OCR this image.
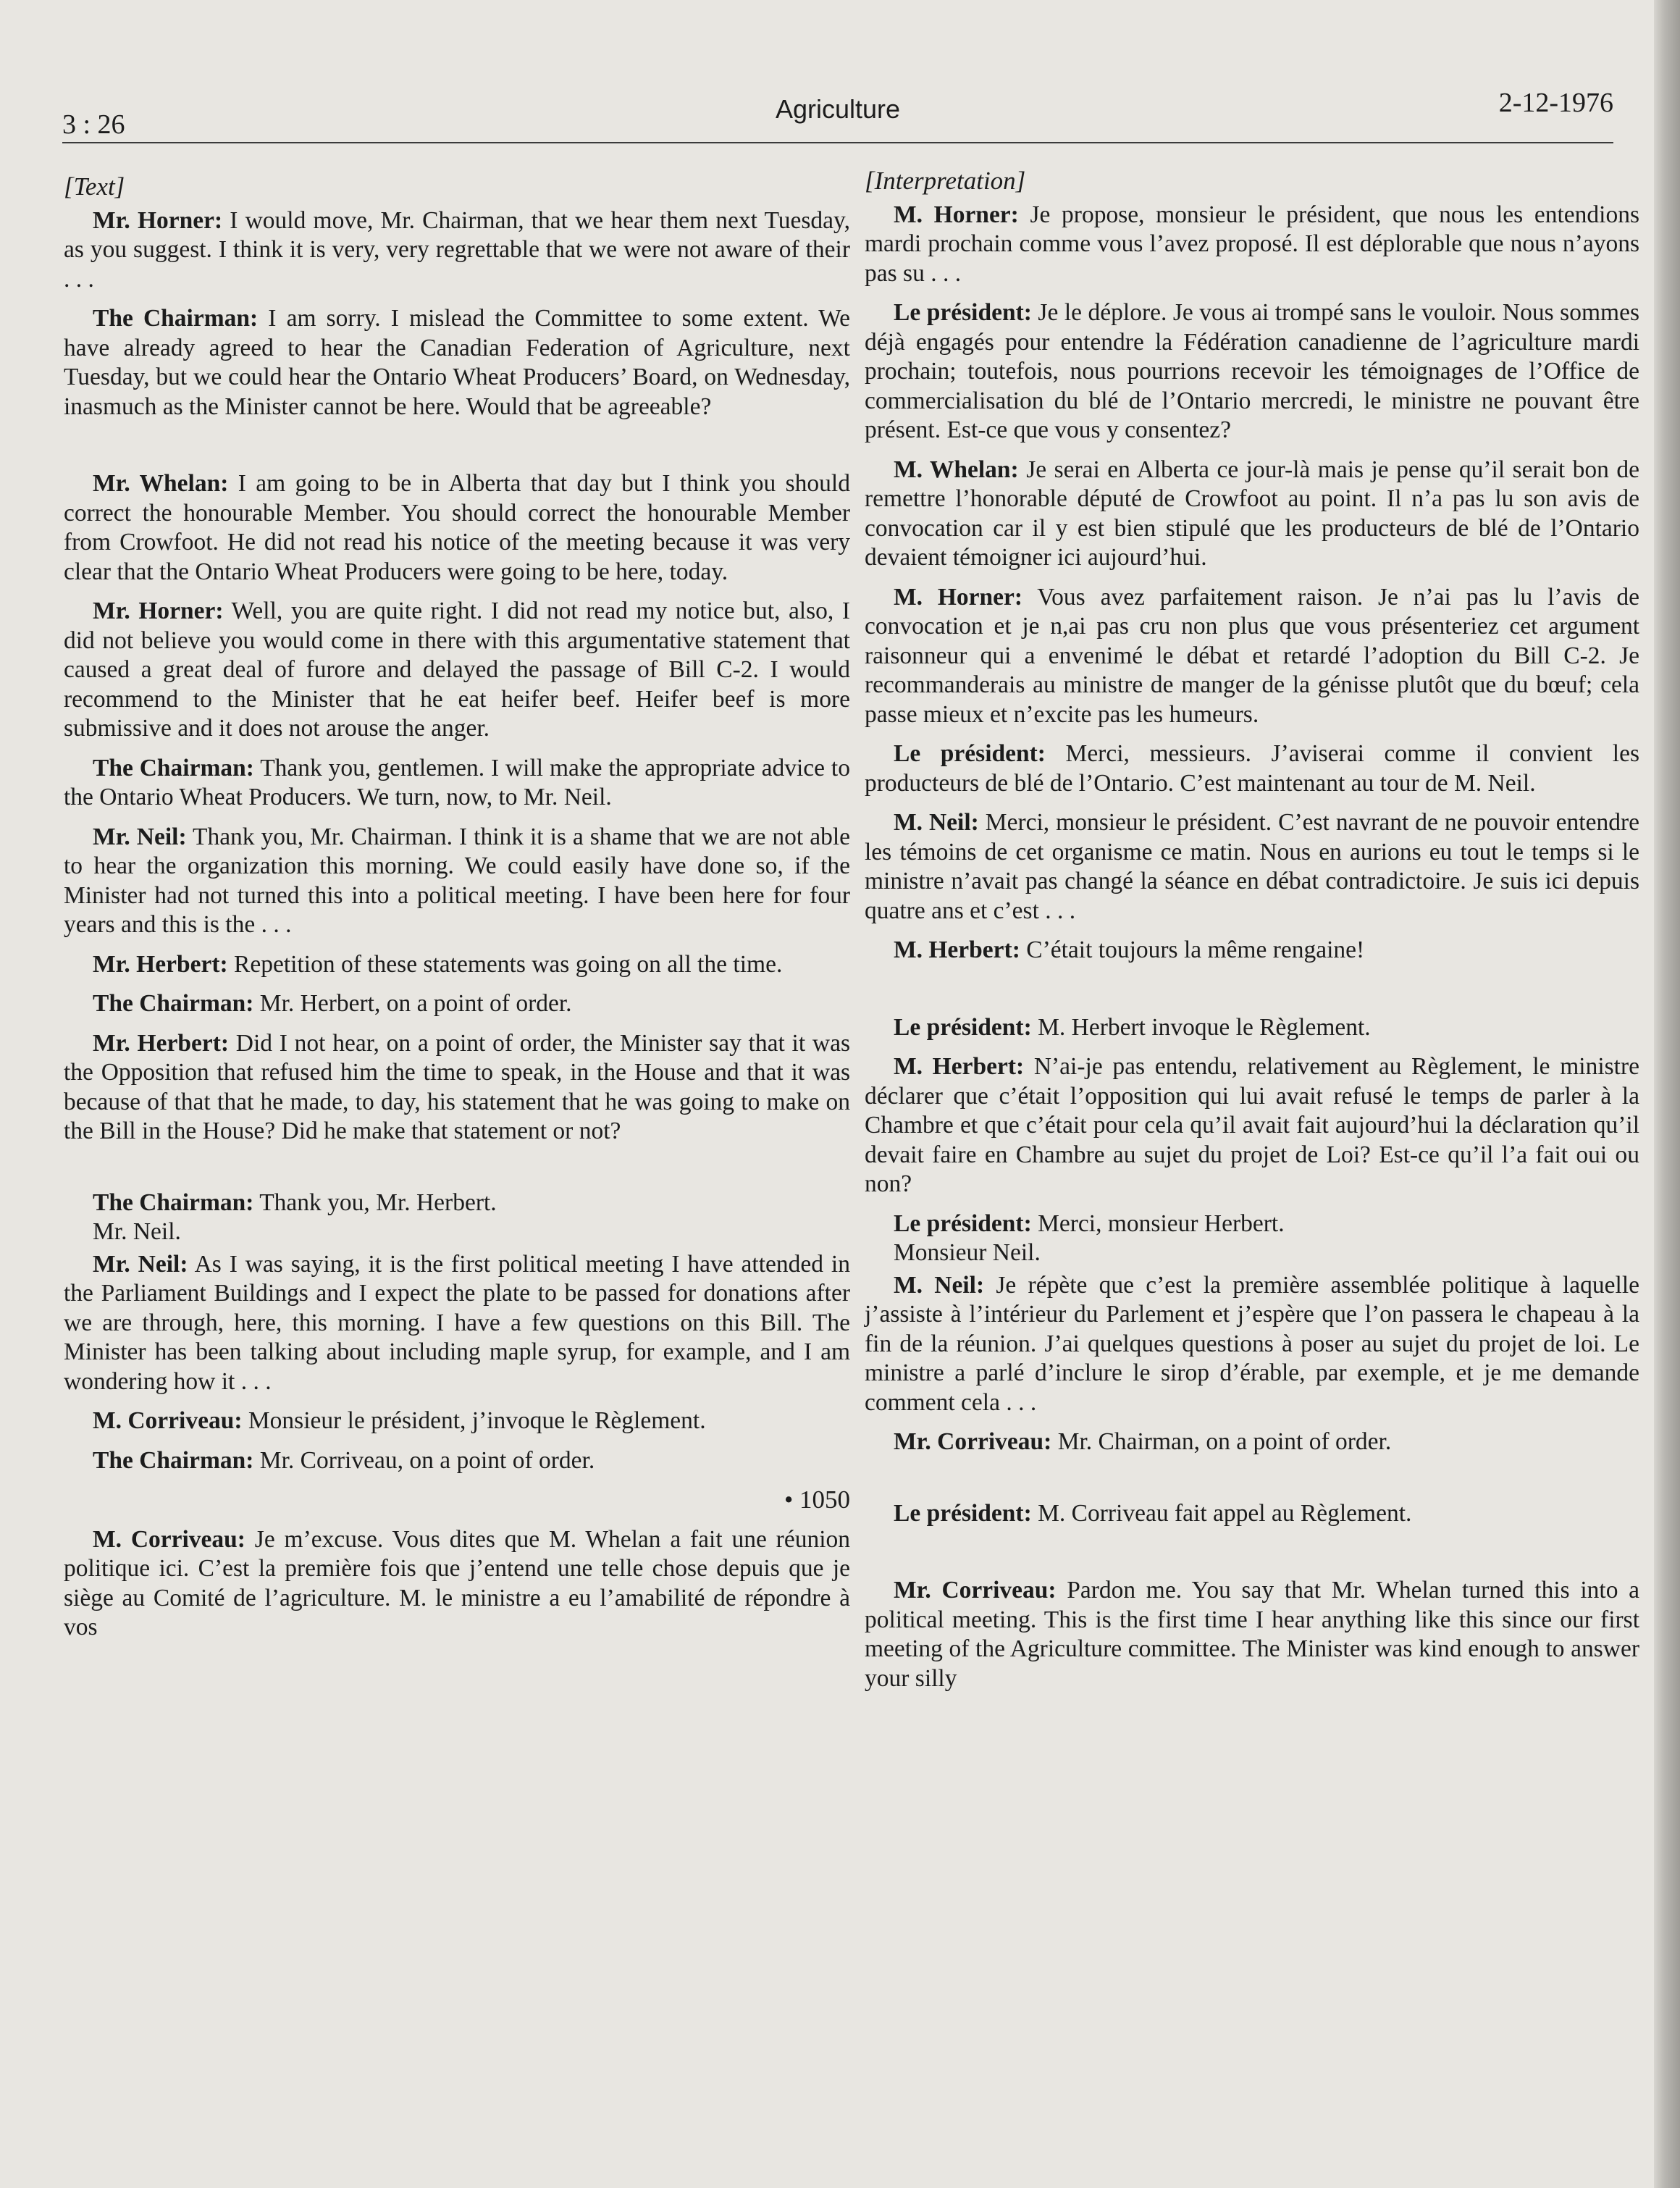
3 : 26
Agriculture	2-12-1976
[Text]

Mr. Horner: I would move, Mr. Chairman, that we hear them next Tuesday, as you suggest. I think it is very, very regrettable that we were not aware of their . . .

The Chairman: I am sorry. I mislead the Committee to some extent. We have already agreed to hear the Canadian Federation of Agriculture, next Tuesday, but we could hear the Ontario Wheat Producers’ Board, on Wednesday, inasmuch as the Minister cannot be here. Would that be agreeable?

Mr. Whelan: I am going to be in Alberta that day but I think you should correct the honourable Member. You should correct the honourable Member from Crowfoot. He did not read his notice of the meeting because it was very clear that the Ontario Wheat Producers were going to be here, today.

Mr. Horner: Well, you are quite right. I did not read my notice but, also, I did not believe you would come in there with this argumentative statement that caused a great deal of furore and delayed the passage of Bill C-2. I would recommend to the Minister that he eat heifer beef. Heifer beef is more submissive and it does not arouse the anger.

The Chairman: Thank you, gentlemen. I will make the appropriate advice to the Ontario Wheat Producers. We turn, now, to Mr. Neil.

Mr. Neil: Thank you, Mr. Chairman. I think it is a shame that we are not able to hear the organization this morning. We could easily have done so, if the Minister had not turned this into a political meeting. I have been here for four years and this is the . . .

Mr. Herbert: Repetition of these statements was going on all the time.

The Chairman: Mr. Herbert, on a point of order.

Mr. Herbert: Did I not hear, on a point of order, the Minister say that it was the Opposition that refused him the time to speak, in the House and that it was because of that that he made, to day, his statement that he was going to make on the Bill in the House? Did he make that statement or not?

The Chairman: Thank you, Mr. Herbert.

Mr. Neil.

Mr. Neil: As I was saying, it is the first political meeting I have attended in the Parliament Buildings and I expect the plate to be passed for donations after we are through, here, this morning. I have a few questions on this Bill. The Minister has been talking about including maple syrup, for example, and I am wondering how it . . .

M. Corriveau: Monsieur le président, j’invoque le Règlement.

The Chairman: Mr. Corriveau, on a point of order.

• 1050

M. Corriveau: Je m’excuse. Vous dites que M. Whelan a fait une réunion politique ici. C’est la première fois que j’entend une telle chose depuis que je siège au Comité de l’agriculture. M. le ministre a eu l’amabilité de répondre à vos

[Interpretation]

M. Horner: Je propose, monsieur le président, que nous les entendions mardi prochain comme vous l’avez proposé. Il est déplorable que nous n’ayons pas su . . .

Le président: Je le déplore. Je vous ai trompé sans le vouloir. Nous sommes déjà engagés pour entendre la Fédération canadienne de l’agriculture mardi prochain; toutefois, nous pourrions recevoir les témoignages de l’Office de commercialisation du blé de l’Ontario mercredi, le ministre ne pouvant être présent. Est-ce que vous y consentez?

M. Whelan: Je serai en Alberta ce jour-là mais je pense qu’il serait bon de remettre l’honorable député de Crowfoot au point. Il n’a pas lu son avis de convocation car il y est bien stipulé que les producteurs de blé de l’Ontario devaient témoigner ici aujourd’hui.

M. Horner: Vous avez parfaitement raison. Je n’ai pas lu l’avis de convocation et je n,ai pas cru non plus que vous présenteriez cet argument raisonneur qui a envenimé le débat et retardé l’adoption du Bill C-2. Je recommanderais au ministre de manger de la génisse plutôt que du bœuf; cela passe mieux et n’excite pas les humeurs.

Le président: Merci, messieurs. J’aviserai comme il convient les producteurs de blé de l’Ontario. C’est maintenant au tour de M. Neil.

M. Neil: Merci, monsieur le président. C’est navrant de ne pouvoir entendre les témoins de cet organisme ce matin. Nous en aurions eu tout le temps si le ministre n’avait pas changé la séance en débat contradictoire. Je suis ici depuis quatre ans et c’est . . .

M. Herbert: C’était toujours la même rengaine!

Le président: M. Herbert invoque le Règlement.

M. Herbert: N’ai-je pas entendu, relativement au Règlement, le ministre déclarer que c’était l’opposition qui lui avait refusé le temps de parler à la Chambre et que c’était pour cela qu’il avait fait aujourd’hui la déclaration qu’il devait faire en Chambre au sujet du projet de Loi? Est-ce qu’il l’a fait oui ou non?

Le président: Merci, monsieur Herbert.

Monsieur Neil.

M. Neil: Je répète que c’est la première assemblée politique à laquelle j’assiste à l’intérieur du Parlement et j’espère que l’on passera le chapeau à la fin de la réunion. J’ai quelques questions à poser au sujet du projet de loi. Le ministre a parlé d’inclure le sirop d’érable, par exemple, et je me demande comment cela . . .

Mr. Corriveau: Mr. Chairman, on a point of order.

Le président: M. Corriveau fait appel au Règlement.

Mr. Corriveau: Pardon me. You say that Mr. Whelan turned this into a political meeting. This is the first time I hear anything like this since our first meeting of the Agriculture committee. The Minister was kind enough to answer your silly
